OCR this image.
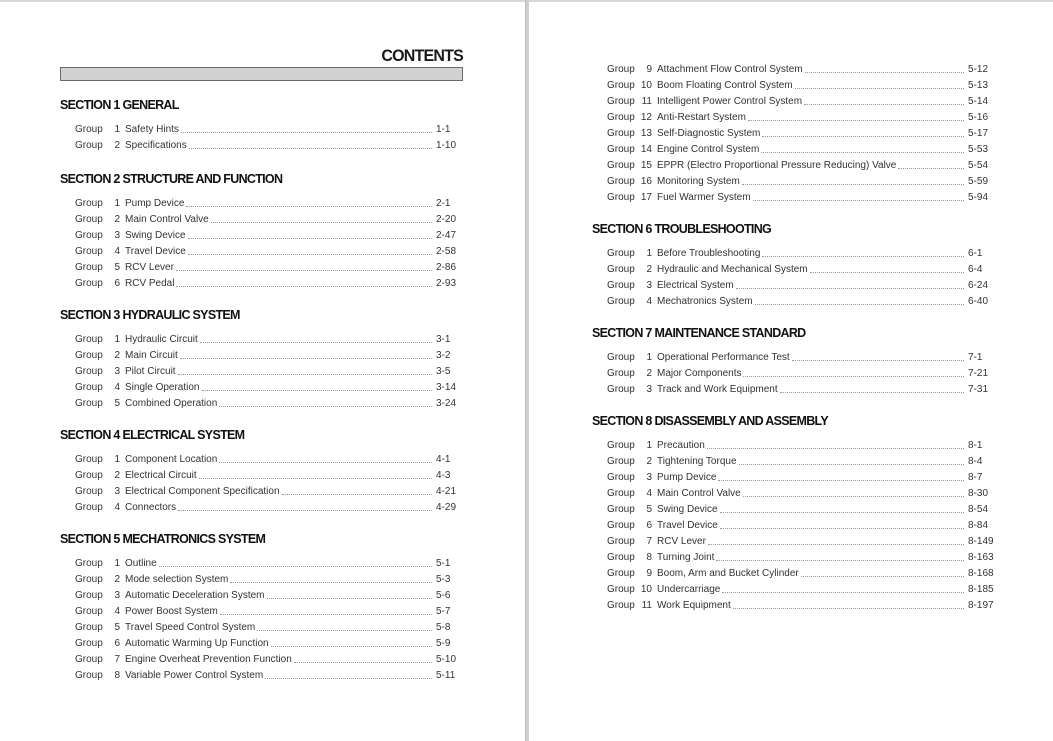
CONTENTS
SECTION 1 GENERAL
Group	1 Safety Hints	1-1
Group	2 Specifications	1-10
SECTION 2 STRUCTURE AND FUNCTION
Group	1 Pump Device	2-1
Group	2 Main Control Valve	2-20
Group	3 Swing Device	2-47
Group	4 Travel Device	2-58
Group	5 RCV Lever	2-86
Group	6 RCV Pedal	2-93
SECTION 3 HYDRAULIC SYSTEM
Group	1 Hydraulic Circuit	3-1
Group	2 Main Circuit	3-2
Group	3 Pilot Circuit	3-5
Group	4 Single Operation	3-14
Group	5 Combined Operation	3-24
SECTION 4 ELECTRICAL SYSTEM
Group	1 Component Location	4-1
Group	2 Electrical Circuit	4-3
Group	3 Electrical Component Specification	4-21
Group	4 Connectors	4-29
SECTION 5 MECHATRONICS SYSTEM
Group	1 Outline	5-1
Group	2 Mode selection System	5-3
Group	3 Automatic Deceleration System	5-6
Group	4 Power Boost System	5-7
Group	5 Travel Speed Control System	5-8
Group	6 Automatic Warming Up Function	5-9
Group	7 Engine Overheat Prevention Function	5-10
Group	8 Variable Power Control System	5-11
Group	9 Attachment Flow Control System	5-12
Group 10 Boom Floating Control System	5-13
Group 11 Intelligent Power Control System	5-14
Group 12 Anti-Restart System	5-16
Group 13 Self-Diagnostic System	5-17
Group 14 Engine Control System	5-53
Group 15 EPPR (Electro Proportional Pressure Reducing) Valve	5-54
Group 16 Monitoring System	5-59
Group 17 Fuel Warmer System	5-94
SECTION 6 TROUBLESHOOTING
Group	1 Before Troubleshooting	6-1
Group	2 Hydraulic and Mechanical System	6-4
Group	3 Electrical System	6-24
Group	4 Mechatronics System	6-40
SECTION 7 MAINTENANCE STANDARD
Group	1 Operational Performance Test	7-1
Group	2 Major Components	7-21
Group	3 Track and Work Equipment	7-31
SECTION 8 DISASSEMBLY AND ASSEMBLY
Group	1 Precaution	8-1
Group	2 Tightening Torque	8-4
Group	3 Pump Device	8-7
Group	4 Main Control Valve	8-30
Group	5 Swing Device	8-54
Group	6 Travel Device	8-84
Group	7 RCV Lever	8-149
Group	8 Turning Joint	8-163
Group	9 Boom, Arm and Bucket Cylinder	8-168
Group 10 Undercarriage	8-185
Group 11 Work Equipment	8-197
